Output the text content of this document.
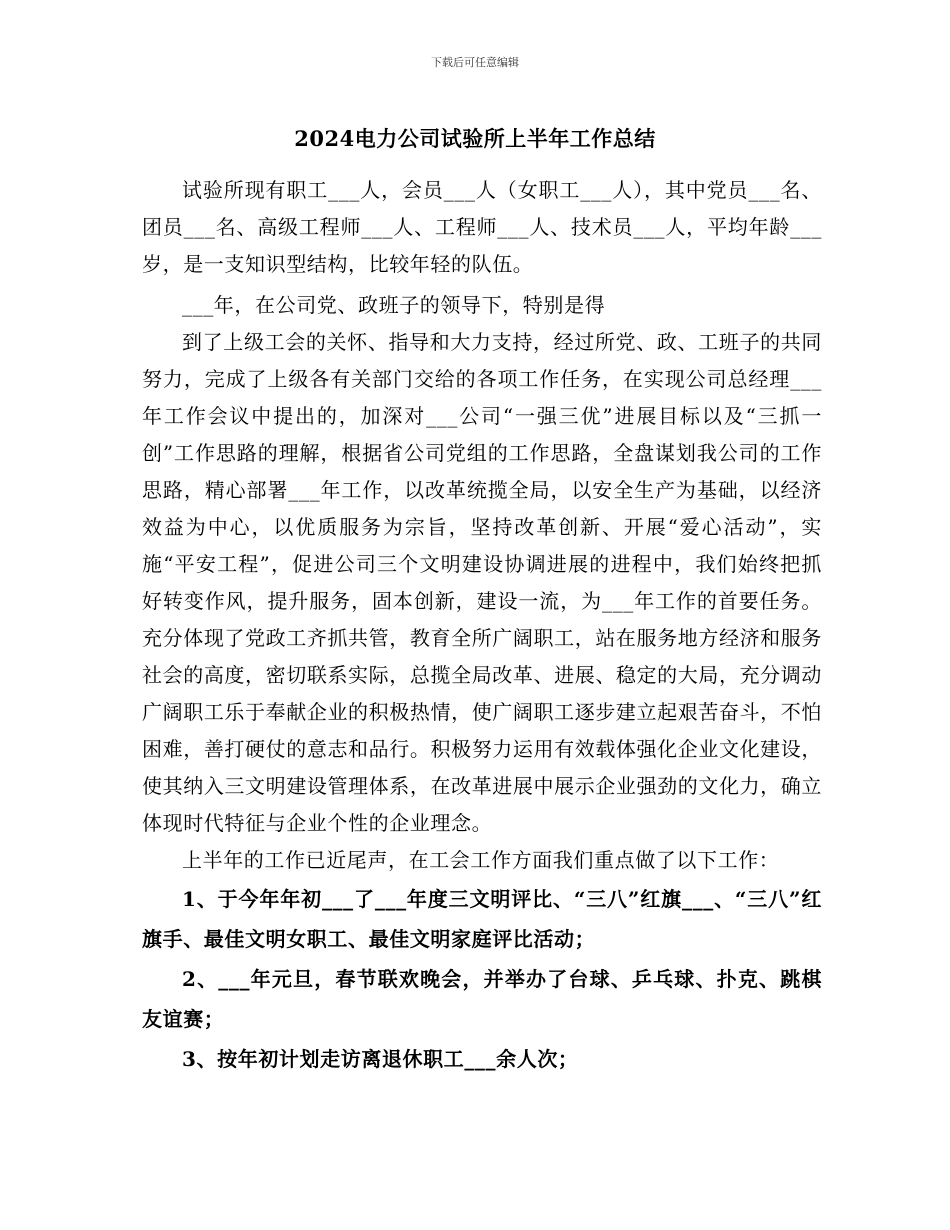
下载后可任意编辑
2024电力公司试验所上半年工作总结

试验所现有职工___人，会员___人（女职工___人），其中党员___名、团员___名、高级工程师___人、工程师___人、技术员___人，平均年龄___岁，是一支知识型结构，比较年轻的队伍。

___年，在公司党、政班子的领导下，特别是得

到了上级工会的关怀、指导和大力支持，经过所党、政、工班子的共同努力，完成了上级各有关部门交给的各项工作任务，在实现公司总经理___年工作会议中提出的，加深对___公司“一强三优”进展目标以及“三抓一创”工作思路的理解，根据省公司党组的工作思路，全盘谋划我公司的工作思路，精心部署___年工作，以改革统揽全局，以安全生产为基础，以经济效益为中心，以优质服务为宗旨，坚持改革创新、开展“爱心活动”，实施“平安工程”，促进公司三个文明建设协调进展的进程中，我们始终把抓好转变作风，提升服务，固本创新，建设一流，为___年工作的首要任务。充分体现了党政工齐抓共管，教育全所广阔职工，站在服务地方经济和服务社会的高度，密切联系实际，总揽全局改革、进展、稳定的大局，充分调动广阔职工乐于奉献企业的积极热情，使广阔职工逐步建立起艰苦奋斗，不怕困难，善打硬仗的意志和品行。积极努力运用有效载体强化企业文化建设，使其纳入三文明建设管理体系，在改革进展中展示企业强劲的文化力，确立体现时代特征与企业个性的企业理念。

上半年的工作已近尾声，在工会工作方面我们重点做了以下工作：

1、于今年年初___了___年度三文明评比、“三八”红旗___、“三八”红旗手、最佳文明女职工、最佳文明家庭评比活动；

2、___年元旦，春节联欢晚会，并举办了台球、乒乓球、扑克、跳棋友谊赛；

3、按年初计划走访离退休职工___余人次；
